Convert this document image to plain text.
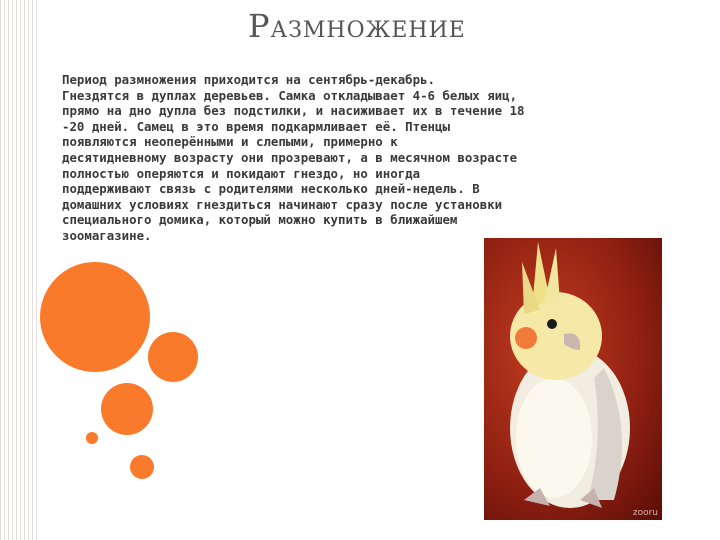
РАЗМНОЖЕНИЕ
Период размножения приходится на сентябрь-декабрь.
Гнездятся в дуплах деревьев. Самка откладывает 4-6 белых яиц,
прямо на дно дупла без подстилки, и насиживает их в течение 18
-20 дней. Самец в это время подкармливает её. Птенцы
появляются неоперёнными и слепыми, примерно к
десятидневному возрасту они прозревают, а в месячном возрасте
полностью оперяются и покидают гнездо, но иногда
поддерживают связь с родителями несколько дней-недель. В
домашних условиях гнездиться начинают сразу после установки
специального домика, который можно купить в ближайшем
зоомагазине.
zooru
